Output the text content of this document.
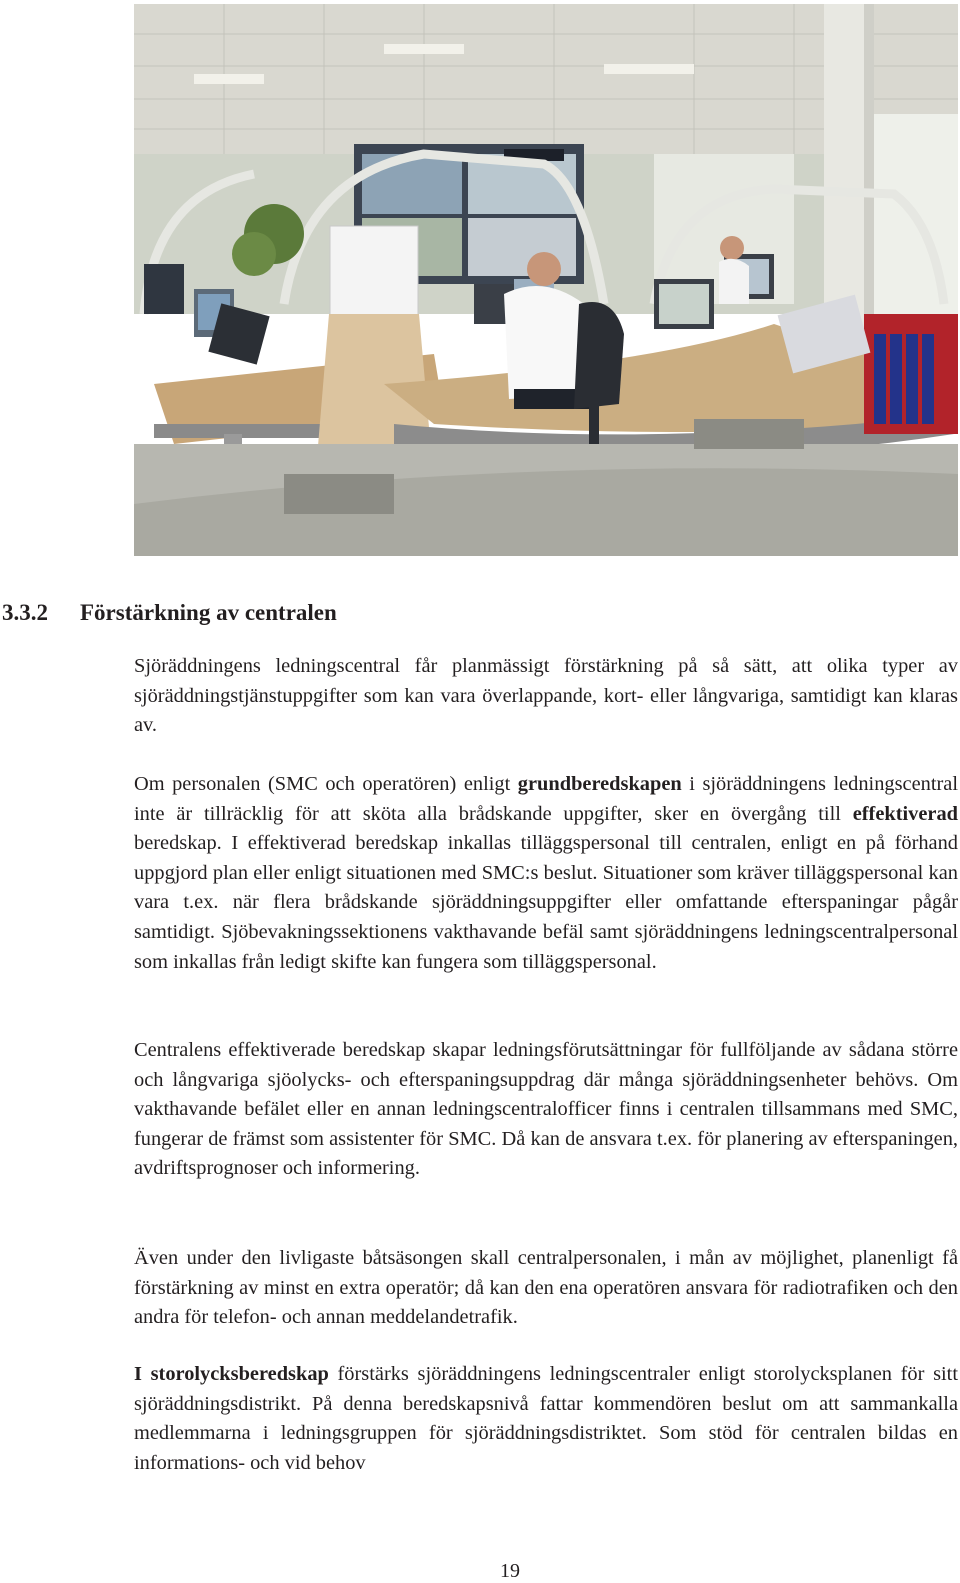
3.3.2 Förstärkning av centralen

Sjöräddningens ledningscentral får planmässigt förstärkning på så sätt, att olika typer av sjöräddningstjänstuppgifter som kan vara överlappande, kort- eller långvariga, samtidigt kan klaras av.

Om personalen (SMC och operatören) enligt grundberedskapen i sjöräddningens ledningscentral inte är tillräcklig för att sköta alla brådskande uppgifter, sker en övergång till effektiverad beredskap. I effektiverad beredskap inkallas tilläggspersonal till centralen, enligt en på förhand uppgjord plan eller enligt situationen med SMC:s beslut. Situationer som kräver tilläggspersonal kan vara t.ex. när flera brådskande sjöräddningsuppgifter eller omfattande efterspaningar pågår samtidigt. Sjöbevakningssektionens vakthavande befäl samt sjöräddningens ledningscentralpersonal som inkallas från ledigt skifte kan fungera som tilläggspersonal.

Centralens effektiverade beredskap skapar ledningsförutsättningar för fullföljande av sådana större och långvariga sjöolycks- och efterspaningsuppdrag där många sjöräddningsenheter behövs. Om vakthavande befälet eller en annan ledningscentralofficer finns i centralen tillsammans med SMC, fungerar de främst som assistenter för SMC. Då kan de ansvara t.ex. för planering av efterspaningen, avdriftsprognoser och informering.

Även under den livligaste båtsäsongen skall centralpersonalen, i mån av möjlighet, planenligt få förstärkning av minst en extra operatör; då kan den ena operatören ansvara för radiotrafiken och den andra för telefon- och annan meddelandetrafik.

I storolycksberedskap förstärks sjöräddningens ledningscentraler enligt storolycksplanen för sitt sjöräddningsdistrikt. På denna beredskapsnivå fattar kommendören beslut om att sammankalla medlemmarna i ledningsgruppen för sjöräddningsdistriktet. Som stöd för centralen bildas en informations- och vid behov

19
